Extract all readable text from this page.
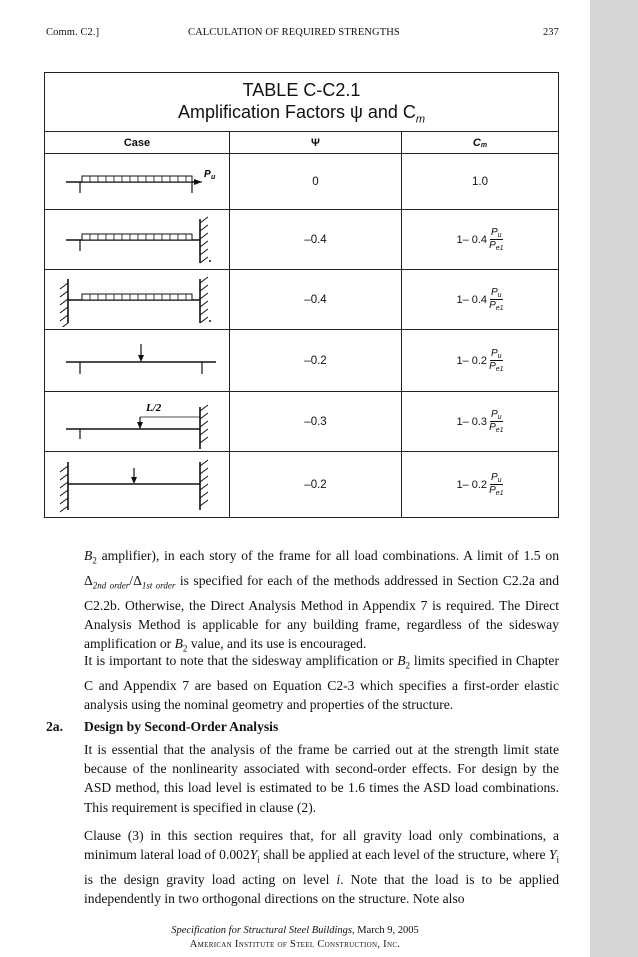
Comm. C2.]	CALCULATION OF REQUIRED STRENGTHS	237
TABLE C-C2.1
Amplification Factors ψ and $C_m$
Case	Ψ	C $_m$
P u	0	1.0
–0.4	1– $0.4 \frac{P_u}{P_{e1}}$
–0.4	1– $0.4 \frac{P_u}{P_{e1}}$
–0.2	1– $0.2 \frac{P_u}{P_{e1}}$
L/2
–0.3	1– $0.3 \frac{P_u}{P_{e1}}$
–0.2	1– $0.2 \frac{P_u}{P_{e1}}$

$B_2$ amplifier), in each story of the frame for all load combinations. A limit of 1.5 on $\Delta_{2nd order}/\Delta_{1st order}$ is specified for each of the methods addressed in Section C2.2a and C2.2b. Otherwise, the Direct Analysis Method in Appendix 7 is required. The Direct Analysis Method is applicable for any building frame, regardless of the sidesway amplification or $B_2$ value, and its use is encouraged.

It is important to note that the sidesway amplification or $B_2$ limits specified in Chapter C and Appendix 7 are based on Equation C2-3 which specifies a first-order elastic analysis using the nominal geometry and properties of the structure.

2a. Design by Second-Order Analysis

It is essential that the analysis of the frame be carried out at the strength limit state because of the nonlinearity associated with second-order effects. For design by the ASD method, this load level is estimated to be 1.6 times the ASD load combinations. This requirement is specified in clause (2).

Clause (3) in this section requires that, for all gravity load only combinations, a minimum lateral load of $0.002Y_i$ shall be applied at each level of the structure, where $Y_i$ is the design gravity load acting on level i. Note that the load is to be applied independently in two orthogonal directions on the structure. Note also

Specification for Structural Steel Buildings, March 9, 2005
American Institute of Steel Construction, Inc.
